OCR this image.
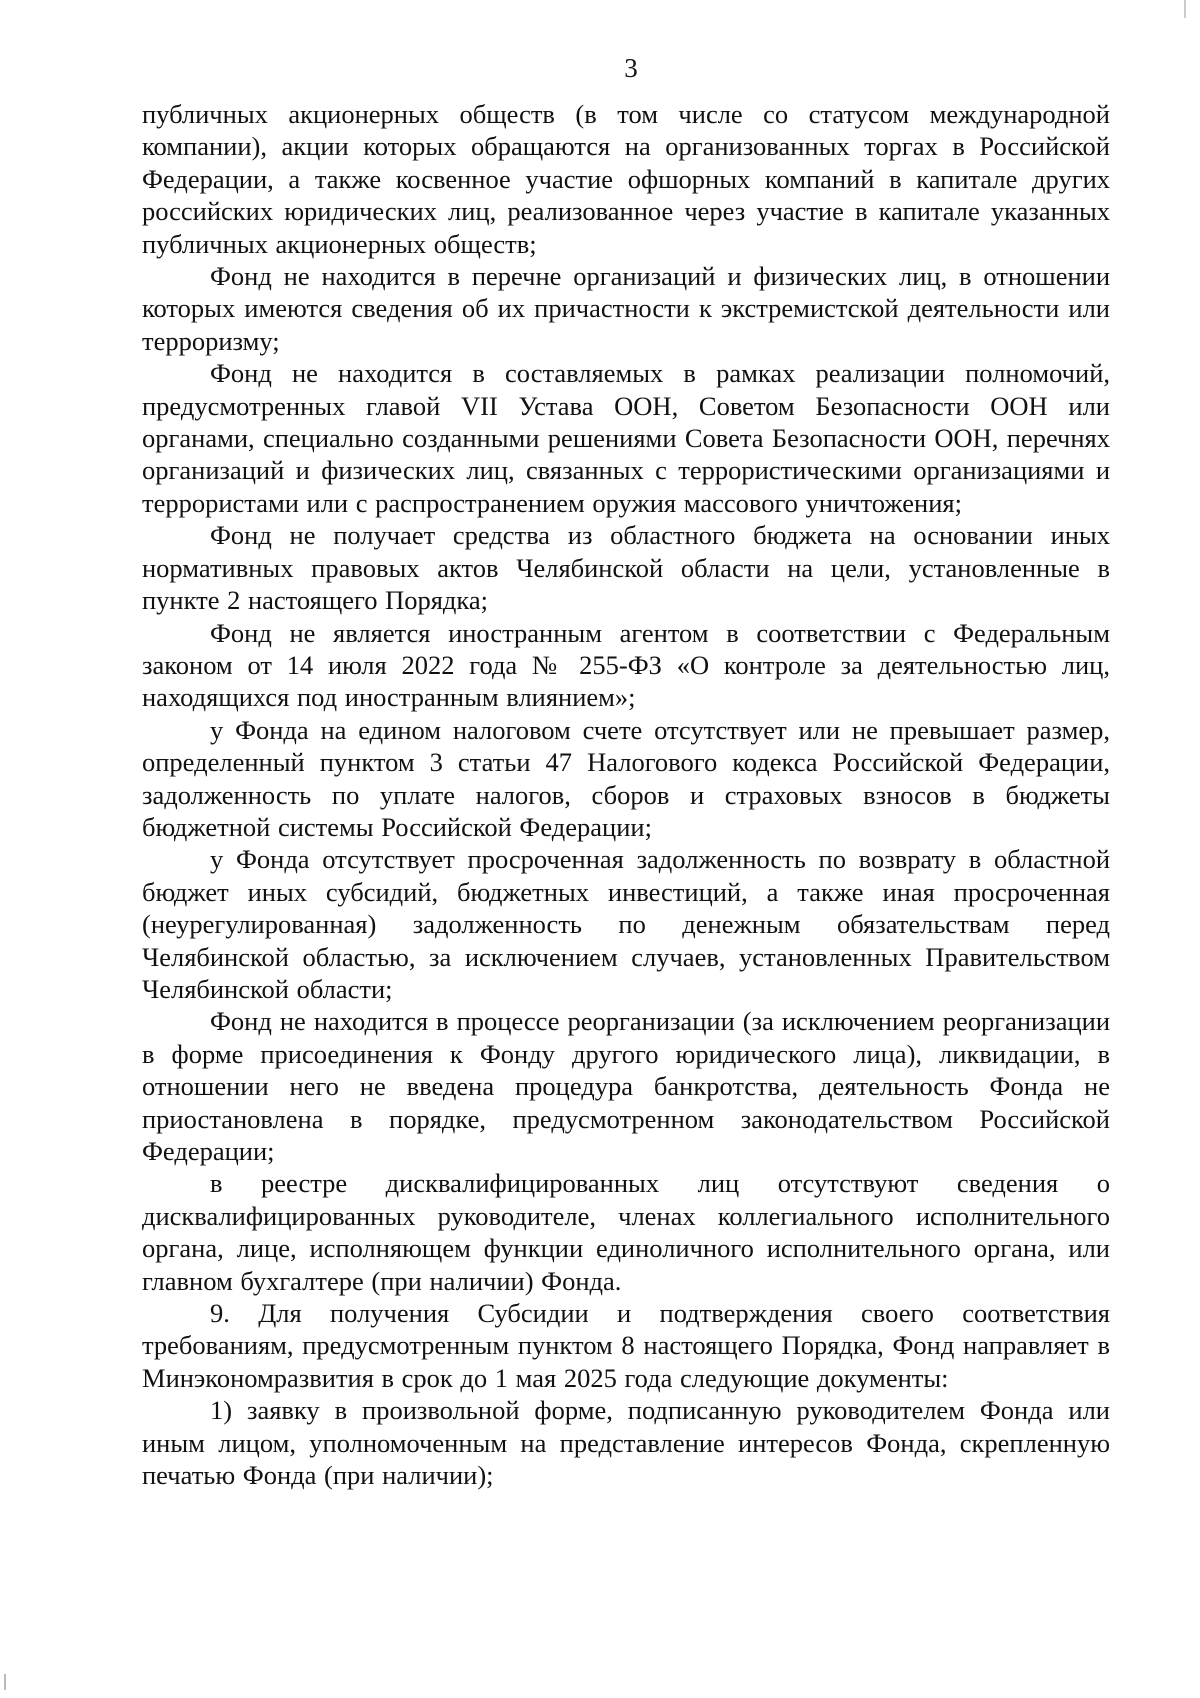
3

публичных акционерных обществ (в том числе со статусом международной компании), акции которых обращаются на организованных торгах в Российской Федерации, а также косвенное участие офшорных компаний в капитале других российских юридических лиц, реализованное через участие в капитале указанных публичных акционерных обществ;

Фонд не находится в перечне организаций и физических лиц, в отношении которых имеются сведения об их причастности к экстремистской деятельности или терроризму;

Фонд не находится в составляемых в рамках реализации полномочий, предусмотренных главой VII Устава ООН, Советом Безопасности ООН или органами, специально созданными решениями Совета Безопасности ООН, перечнях организаций и физических лиц, связанных с террористическими организациями и террористами или с распространением оружия массового уничтожения;

Фонд не получает средства из областного бюджета на основании иных нормативных правовых актов Челябинской области на цели, установленные в пункте 2 настоящего Порядка;

Фонд не является иностранным агентом в соответствии с Федеральным законом от 14 июля 2022 года № 255-ФЗ «О контроле за деятельностью лиц, находящихся под иностранным влиянием»;

у Фонда на едином налоговом счете отсутствует или не превышает размер, определенный пунктом 3 статьи 47 Налогового кодекса Российской Федерации, задолженность по уплате налогов, сборов и страховых взносов в бюджеты бюджетной системы Российской Федерации;

у Фонда отсутствует просроченная задолженность по возврату в областной бюджет иных субсидий, бюджетных инвестиций, а также иная просроченная (неурегулированная) задолженность по денежным обязательствам перед Челябинской областью, за исключением случаев, установленных Правительством Челябинской области;

Фонд не находится в процессе реорганизации (за исключением реорганизации в форме присоединения к Фонду другого юридического лица), ликвидации, в отношении него не введена процедура банкротства, деятельность Фонда не приостановлена в порядке, предусмотренном законодательством Российской Федерации;

в реестре дисквалифицированных лиц отсутствуют сведения о дисквалифицированных руководителе, членах коллегиального исполнительного органа, лице, исполняющем функции единоличного исполнительного органа, или главном бухгалтере (при наличии) Фонда.

9. Для получения Субсидии и подтверждения своего соответствия требованиям, предусмотренным пунктом 8 настоящего Порядка, Фонд направляет в Минэкономразвития в срок до 1 мая 2025 года следующие документы:

1) заявку в произвольной форме, подписанную руководителем Фонда или иным лицом, уполномоченным на представление интересов Фонда, скрепленную печатью Фонда (при наличии);
